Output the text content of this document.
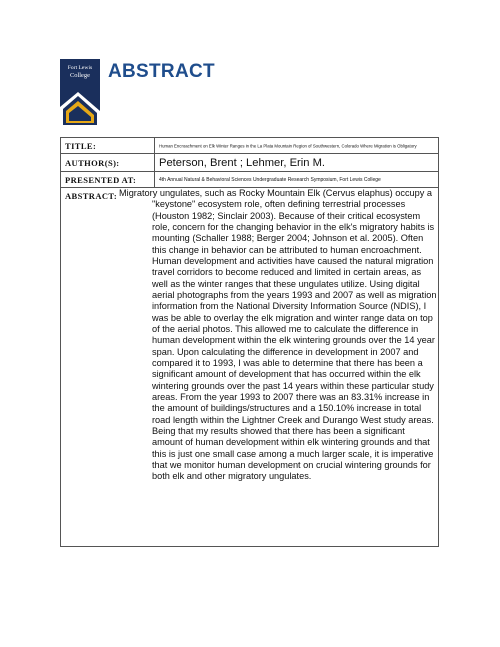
Fort Lewis
College ABSTRACT
TITLE:	Human Encroachment on Elk Winter Ranges in the La Plata Mountain Region of Southwestern, Colorado Where Migration is Obligatory
AUTHOR(S):	Peterson, Brent ; Lehmer, Erin M.
PRESENTED AT:	4th Annual Natural & Behavioral Sciences Undergraduate Research Symposium, Fort Lewis College
ABSTRACT: Migratory ungulates, such as Rocky Mountain Elk (Cervus elaphus) occupy a "keystone" ecosystem role, often defining terrestrial processes (Houston 1982; Sinclair 2003). Because of their critical ecosystem role, concern for the changing behavior in the elk's migratory habits is mounting (Schaller 1988; Berger 2004; Johnson et al. 2005). Often this change in behavior can be attributed to human encroachment. Human development and activities have caused the natural migration travel corridors to become reduced and limited in certain areas, as well as the winter ranges that these ungulates utilize. Using digital aerial photographs from the years 1993 and 2007 as well as migration information from the National Diversity Information Source (NDIS), I was be able to overlay the elk migration and winter range data on top of the aerial photos. This allowed me to calculate the difference in human development within the elk wintering grounds over the 14 year span. Upon calculating the difference in development in 2007 and compared it to 1993, I was able to determine that there has been a significant amount of development that has occurred within the elk wintering grounds over the past 14 years within these particular study areas. From the year 1993 to 2007 there was an 83.31% increase in the amount of buildings/structures and a 150.10% increase in total road length within the Lightner Creek and Durango West study areas. Being that my results showed that there has been a significant amount of human development within elk wintering grounds and that this is just one small case among a much larger scale, it is imperative that we monitor human development on crucial wintering grounds for both elk and other migratory ungulates.
